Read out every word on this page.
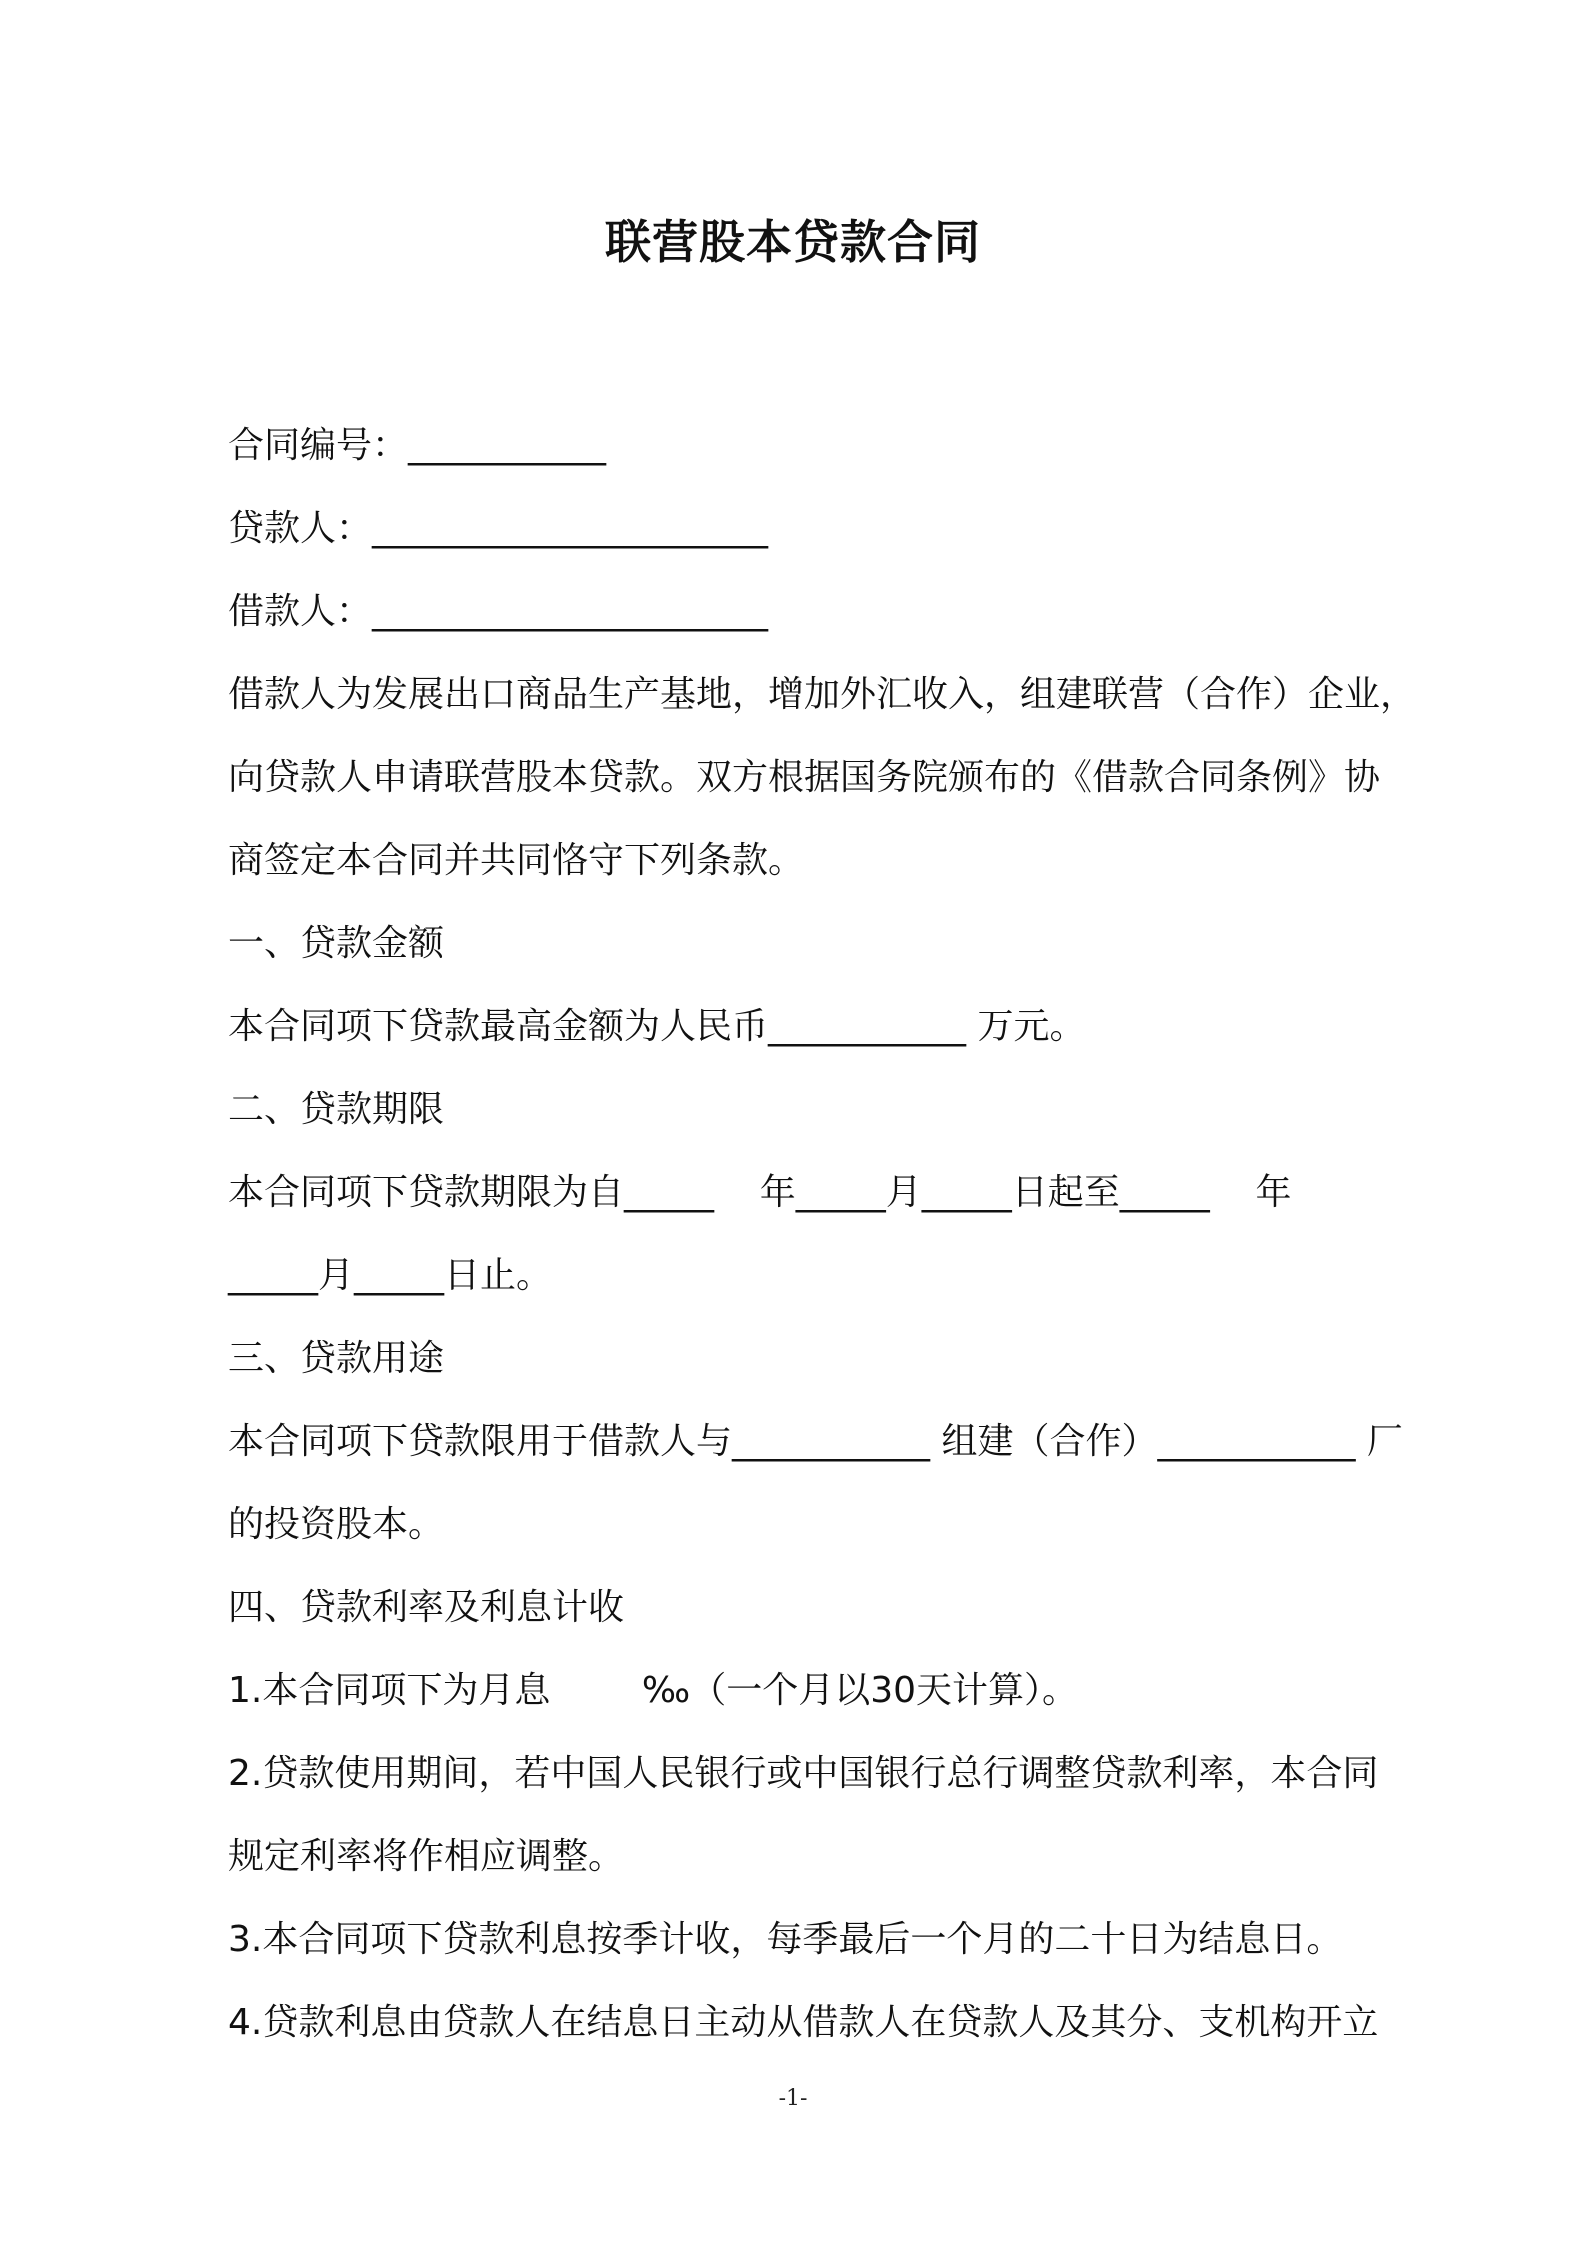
联营股本贷款合同
合同编号：___________
贷款人：______________________
借款人：______________________
借款人为发展出口商品生产基地，增加外汇收入，组建联营（合作）企业，
向贷款人申请联营股本贷款。双方根据国务院颁布的《借款合同条例》协
商签定本合同并共同恪守下列条款。
一、贷款金额
本合同项下贷款最高金额为人民币___________ 万元。
二、贷款期限
本合同项下贷款期限为自_____    年_____月_____日起至_____    年
_____月_____日止。
三、贷款用途
本合同项下贷款限用于借款人与___________ 组建（合作）___________ 厂
的投资股本。
四、贷款利率及利息计收
1.本合同项下为月息        ‰（一个月以30天计算）。
2.贷款使用期间，若中国人民银行或中国银行总行调整贷款利率，本合同
规定利率将作相应调整。
3.本合同项下贷款利息按季计收，每季最后一个月的二十日为结息日。
4.贷款利息由贷款人在结息日主动从借款人在贷款人及其分、支机构开立
-1-
